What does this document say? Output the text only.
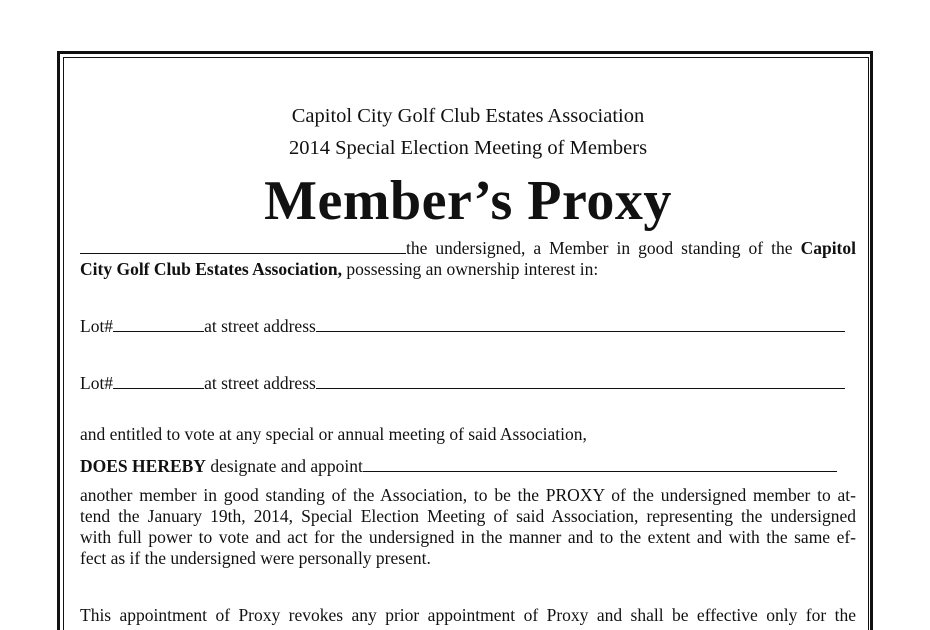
Capitol City Golf Club Estates Association
2014 Special Election Meeting of Members
Member’s Proxy
the undersigned, a Member in good standing of the Capitol
City Golf Club Estates Association, possessing an ownership interest in:
Lot#	at street address
Lot#	at street address
and entitled to vote at any special or annual meeting of said Association,
DOES HEREBY designate and appoint
another member in good standing of the Association, to be the PROXY of the undersigned member to at-
tend the January 19th, 2014, Special Election Meeting of said Association, representing the undersigned
with full power to vote and act for the undersigned in the manner and to the extent and with the same ef-
fect as if the undersigned were personally present.
This appointment of Proxy revokes any prior appointment of Proxy and shall be effective only for the
